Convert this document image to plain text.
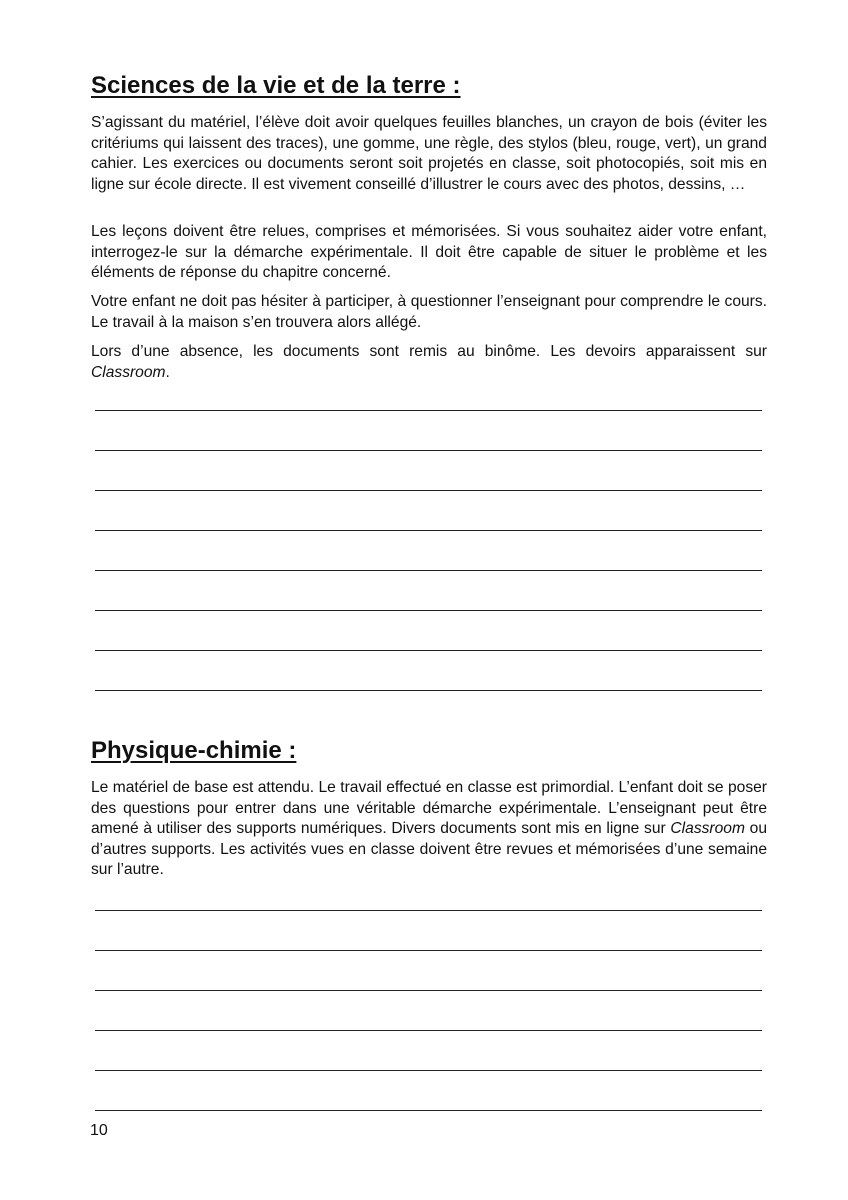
Sciences de la vie et de la terre :

S’agissant du matériel, l’élève doit avoir quelques feuilles blanches, un crayon de bois (éviter les critériums qui laissent des traces), une gomme, une règle, des stylos (bleu, rouge, vert), un grand cahier. Les exercices ou documents seront soit projetés en classe, soit photocopiés, soit mis en ligne sur école directe. Il est vivement conseillé d’illustrer le cours avec des photos, dessins, …

Les leçons doivent être relues, comprises et mémorisées. Si vous souhaitez aider votre enfant, interrogez-le sur la démarche expérimentale. Il doit être capable de situer le problème et les éléments de réponse du chapitre concerné.

Votre enfant ne doit pas hésiter à participer, à questionner l’enseignant pour comprendre le cours. Le travail à la maison s’en trouvera alors allégé.

Lors d’une absence, les documents sont remis au binôme. Les devoirs apparaissent sur Classroom.

Physique-chimie :

Le matériel de base est attendu. Le travail effectué en classe est primordial. L’enfant doit se poser des questions pour entrer dans une véritable démarche expérimentale. L’enseignant peut être amené à utiliser des supports numériques. Divers documents sont mis en ligne sur Classroom ou d’autres supports. Les activités vues en classe doivent être revues et mémorisées d’une semaine sur l’autre.

10
